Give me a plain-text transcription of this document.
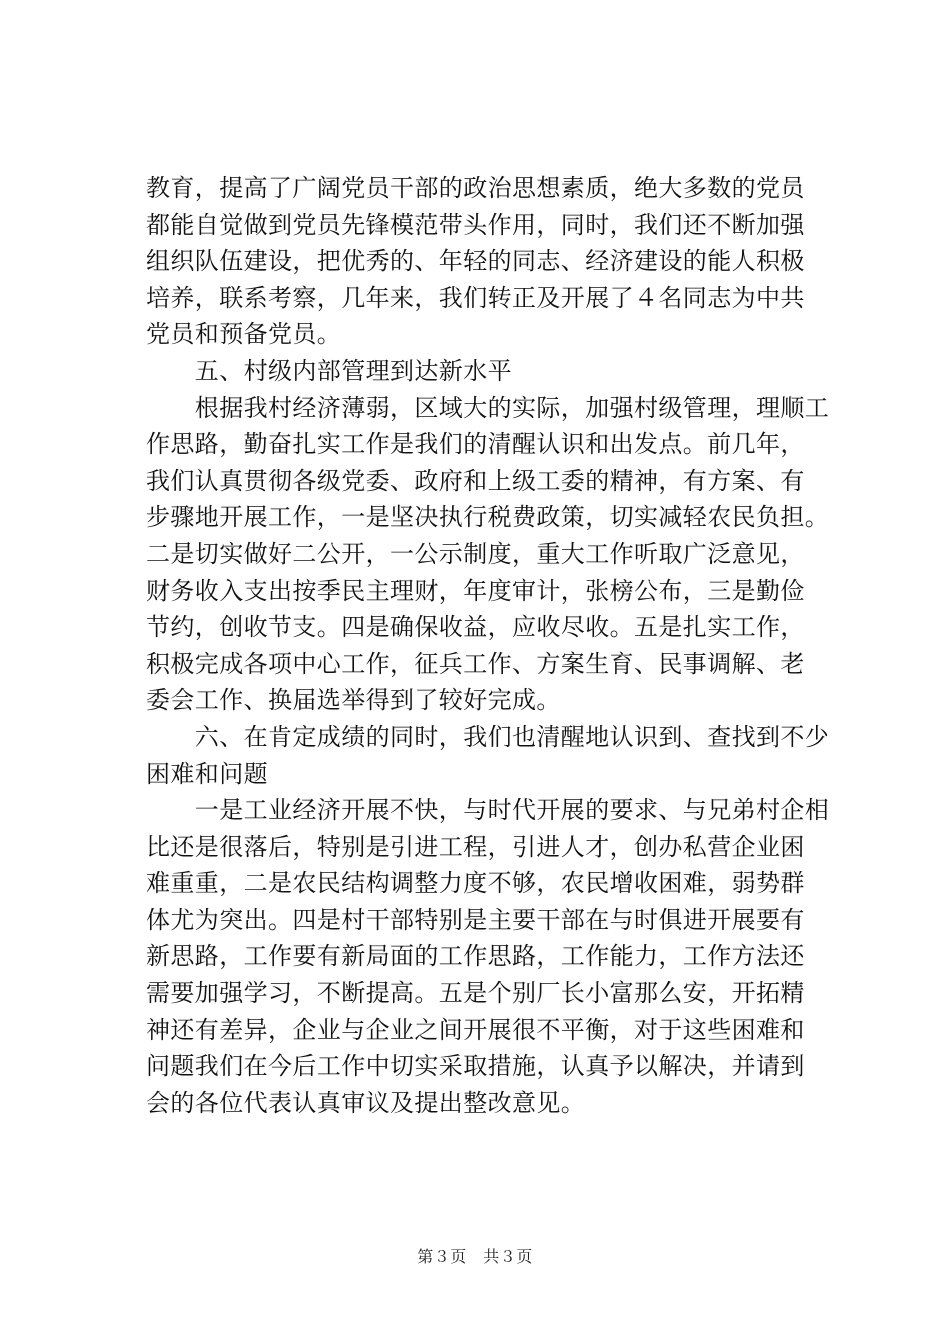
教育，提高了广阔党员干部的政治思想素质，绝大多数的党员
都能自觉做到党员先锋模范带头作用，同时，我们还不断加强
组织队伍建设，把优秀的、年轻的同志、经济建设的能人积极
培养，联系考察，几年来，我们转正及开展了４名同志为中共
党员和预备党员。
　　五、村级内部管理到达新水平
　　根据我村经济薄弱，区域大的实际，加强村级管理，理顺工
作思路，勤奋扎实工作是我们的清醒认识和出发点。前几年，
我们认真贯彻各级党委、政府和上级工委的精神，有方案、有
步骤地开展工作，一是坚决执行税费政策，切实减轻农民负担。
二是切实做好二公开，一公示制度，重大工作听取广泛意见，
财务收入支出按季民主理财，年度审计，张榜公布，三是勤俭
节约，创收节支。四是确保收益，应收尽收。五是扎实工作，
积极完成各项中心工作，征兵工作、方案生育、民事调解、老
委会工作、换届选举得到了较好完成。
　　六、在肯定成绩的同时，我们也清醒地认识到、查找到不少
困难和问题
　　一是工业经济开展不快，与时代开展的要求、与兄弟村企相
比还是很落后，特别是引进工程，引进人才，创办私营企业困
难重重，二是农民结构调整力度不够，农民增收困难，弱势群
体尤为突出。四是村干部特别是主要干部在与时俱进开展要有
新思路，工作要有新局面的工作思路，工作能力，工作方法还
需要加强学习，不断提高。五是个别厂长小富那么安，开拓精
神还有差异，企业与企业之间开展很不平衡，对于这些困难和
问题我们在今后工作中切实采取措施，认真予以解决，并请到
会的各位代表认真审议及提出整改意见。
第３页　共３页
